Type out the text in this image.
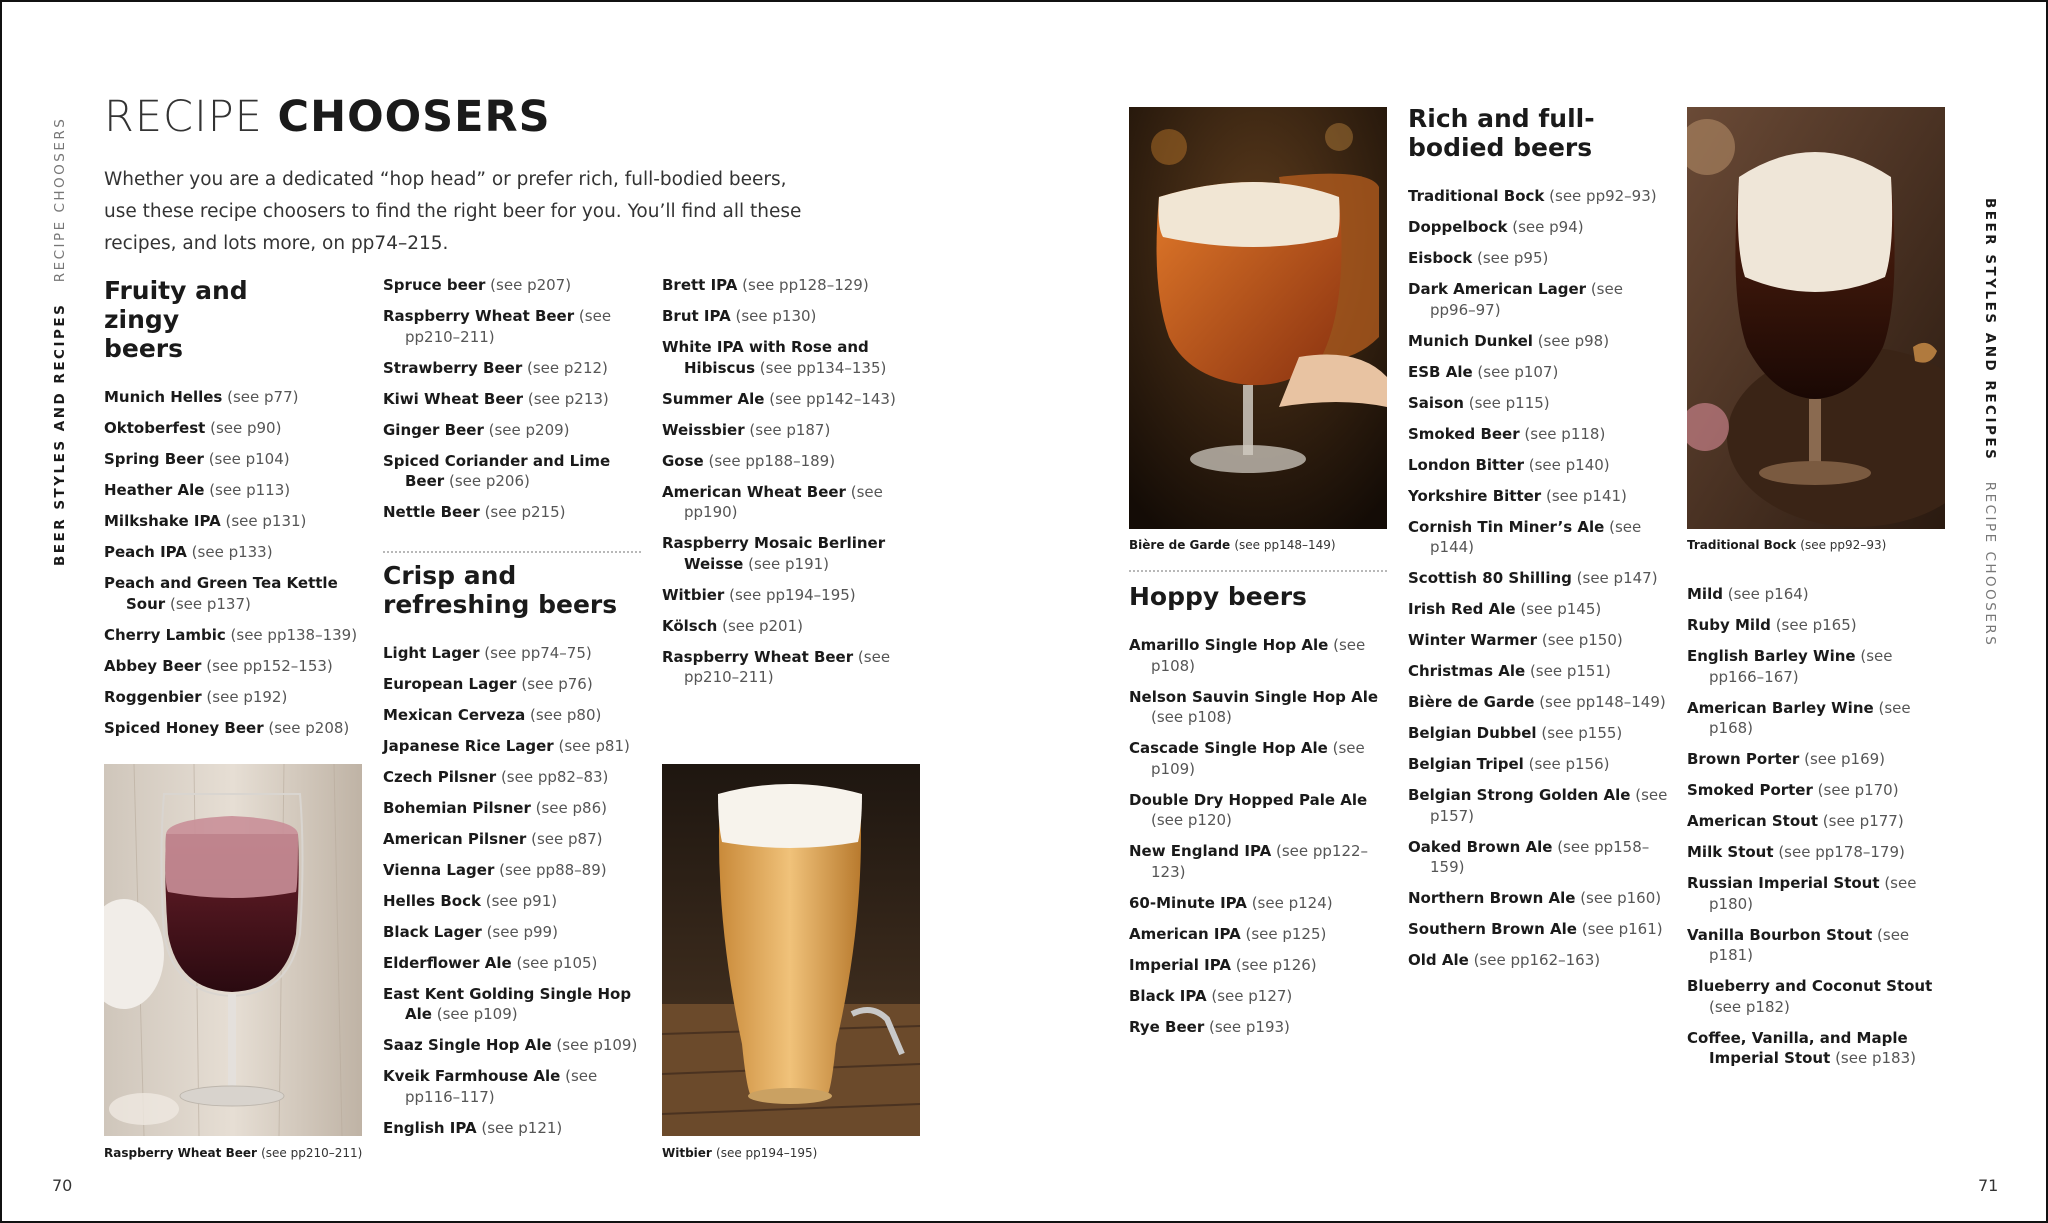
RECIPE CHOOSERS

Whether you are a dedicated “hop head” or prefer rich, full-bodied beers, use these recipe choosers to find the right beer for you. You’ll find all these recipes, and lots more, on pp74–215.

BEER STYLES AND RECIPES   RECIPE CHOOSERS	BEER STYLES AND RECIPES   RECIPE CHOOSERS
70	71
Fruity and zingy beers
Munich Helles (see p77)
Oktoberfest (see p90)
Spring Beer (see p104)
Heather Ale (see p113)
Milkshake IPA (see p131)
Peach IPA (see p133)
Peach and Green Tea Kettle Sour (see p137)
Cherry Lambic (see pp138–139)
Abbey Beer (see pp152–153)
Roggenbier (see p192)
Spiced Honey Beer (see p208)
Spruce beer (see p207)
Raspberry Wheat Beer (see pp210–211)
Strawberry Beer (see p212)
Kiwi Wheat Beer (see p213)
Ginger Beer (see p209)
Spiced Coriander and Lime Beer (see p206)
Nettle Beer (see p215)
Crisp and refreshing beers
Light Lager (see pp74–75)
European Lager (see p76)
Mexican Cerveza (see p80)
Japanese Rice Lager (see p81)
Czech Pilsner (see pp82–83)
Bohemian Pilsner (see p86)
American Pilsner (see p87)
Vienna Lager (see pp88–89)
Helles Bock (see p91)
Black Lager (see p99)
Elderflower Ale (see p105)
East Kent Golding Single Hop Ale (see p109)
Saaz Single Hop Ale (see p109)
Kveik Farmhouse Ale (see pp116–117)
English IPA (see p121)
Brett IPA (see pp128–129)
Brut IPA (see p130)
White IPA with Rose and Hibiscus (see pp134–135)
Summer Ale (see pp142–143)
Weissbier (see p187)
Gose (see pp188–189)
American Wheat Beer (see pp190)
Raspberry Mosaic Berliner Weisse (see p191)
Witbier (see pp194–195)
Kölsch (see p201)
Raspberry Wheat Beer (see pp210–211)
Hoppy beers
Amarillo Single Hop Ale (see p108)
Nelson Sauvin Single Hop Ale (see p108)
Cascade Single Hop Ale (see p109)
Double Dry Hopped Pale Ale (see p120)
New England IPA (see pp122–123)
60-Minute IPA (see p124)
American IPA (see p125)
Imperial IPA (see p126)
Black IPA (see p127)
Rye Beer (see p193)
Rich and full-bodied beers
Traditional Bock (see pp92–93)
Doppelbock (see p94)
Eisbock (see p95)
Dark American Lager (see pp96–97)
Munich Dunkel (see p98)
ESB Ale (see p107)
Saison (see p115)
Smoked Beer (see p118)
London Bitter (see p140)
Yorkshire Bitter (see p141)
Cornish Tin Miner’s Ale (see p144)
Scottish 80 Shilling (see p147)
Irish Red Ale (see p145)
Winter Warmer (see p150)
Christmas Ale (see p151)
Bière de Garde (see pp148–149)
Belgian Dubbel (see p155)
Belgian Tripel (see p156)
Belgian Strong Golden Ale (see p157)
Oaked Brown Ale (see pp158–159)
Northern Brown Ale (see p160)
Southern Brown Ale (see p161)
Old Ale (see pp162–163)
Mild (see p164)
Ruby Mild (see p165)
English Barley Wine (see pp166–167)
American Barley Wine (see p168)
Brown Porter (see p169)
Smoked Porter (see p170)
American Stout (see p177)
Milk Stout (see pp178–179)
Russian Imperial Stout (see p180)
Vanilla Bourbon Stout (see p181)
Blueberry and Coconut Stout (see p182)
Coffee, Vanilla, and Maple Imperial Stout (see p183)
Raspberry Wheat Beer (see pp210–211)	Witbier (see pp194–195)
Bière de Garde (see pp148–149)	Traditional Bock (see pp92–93)
